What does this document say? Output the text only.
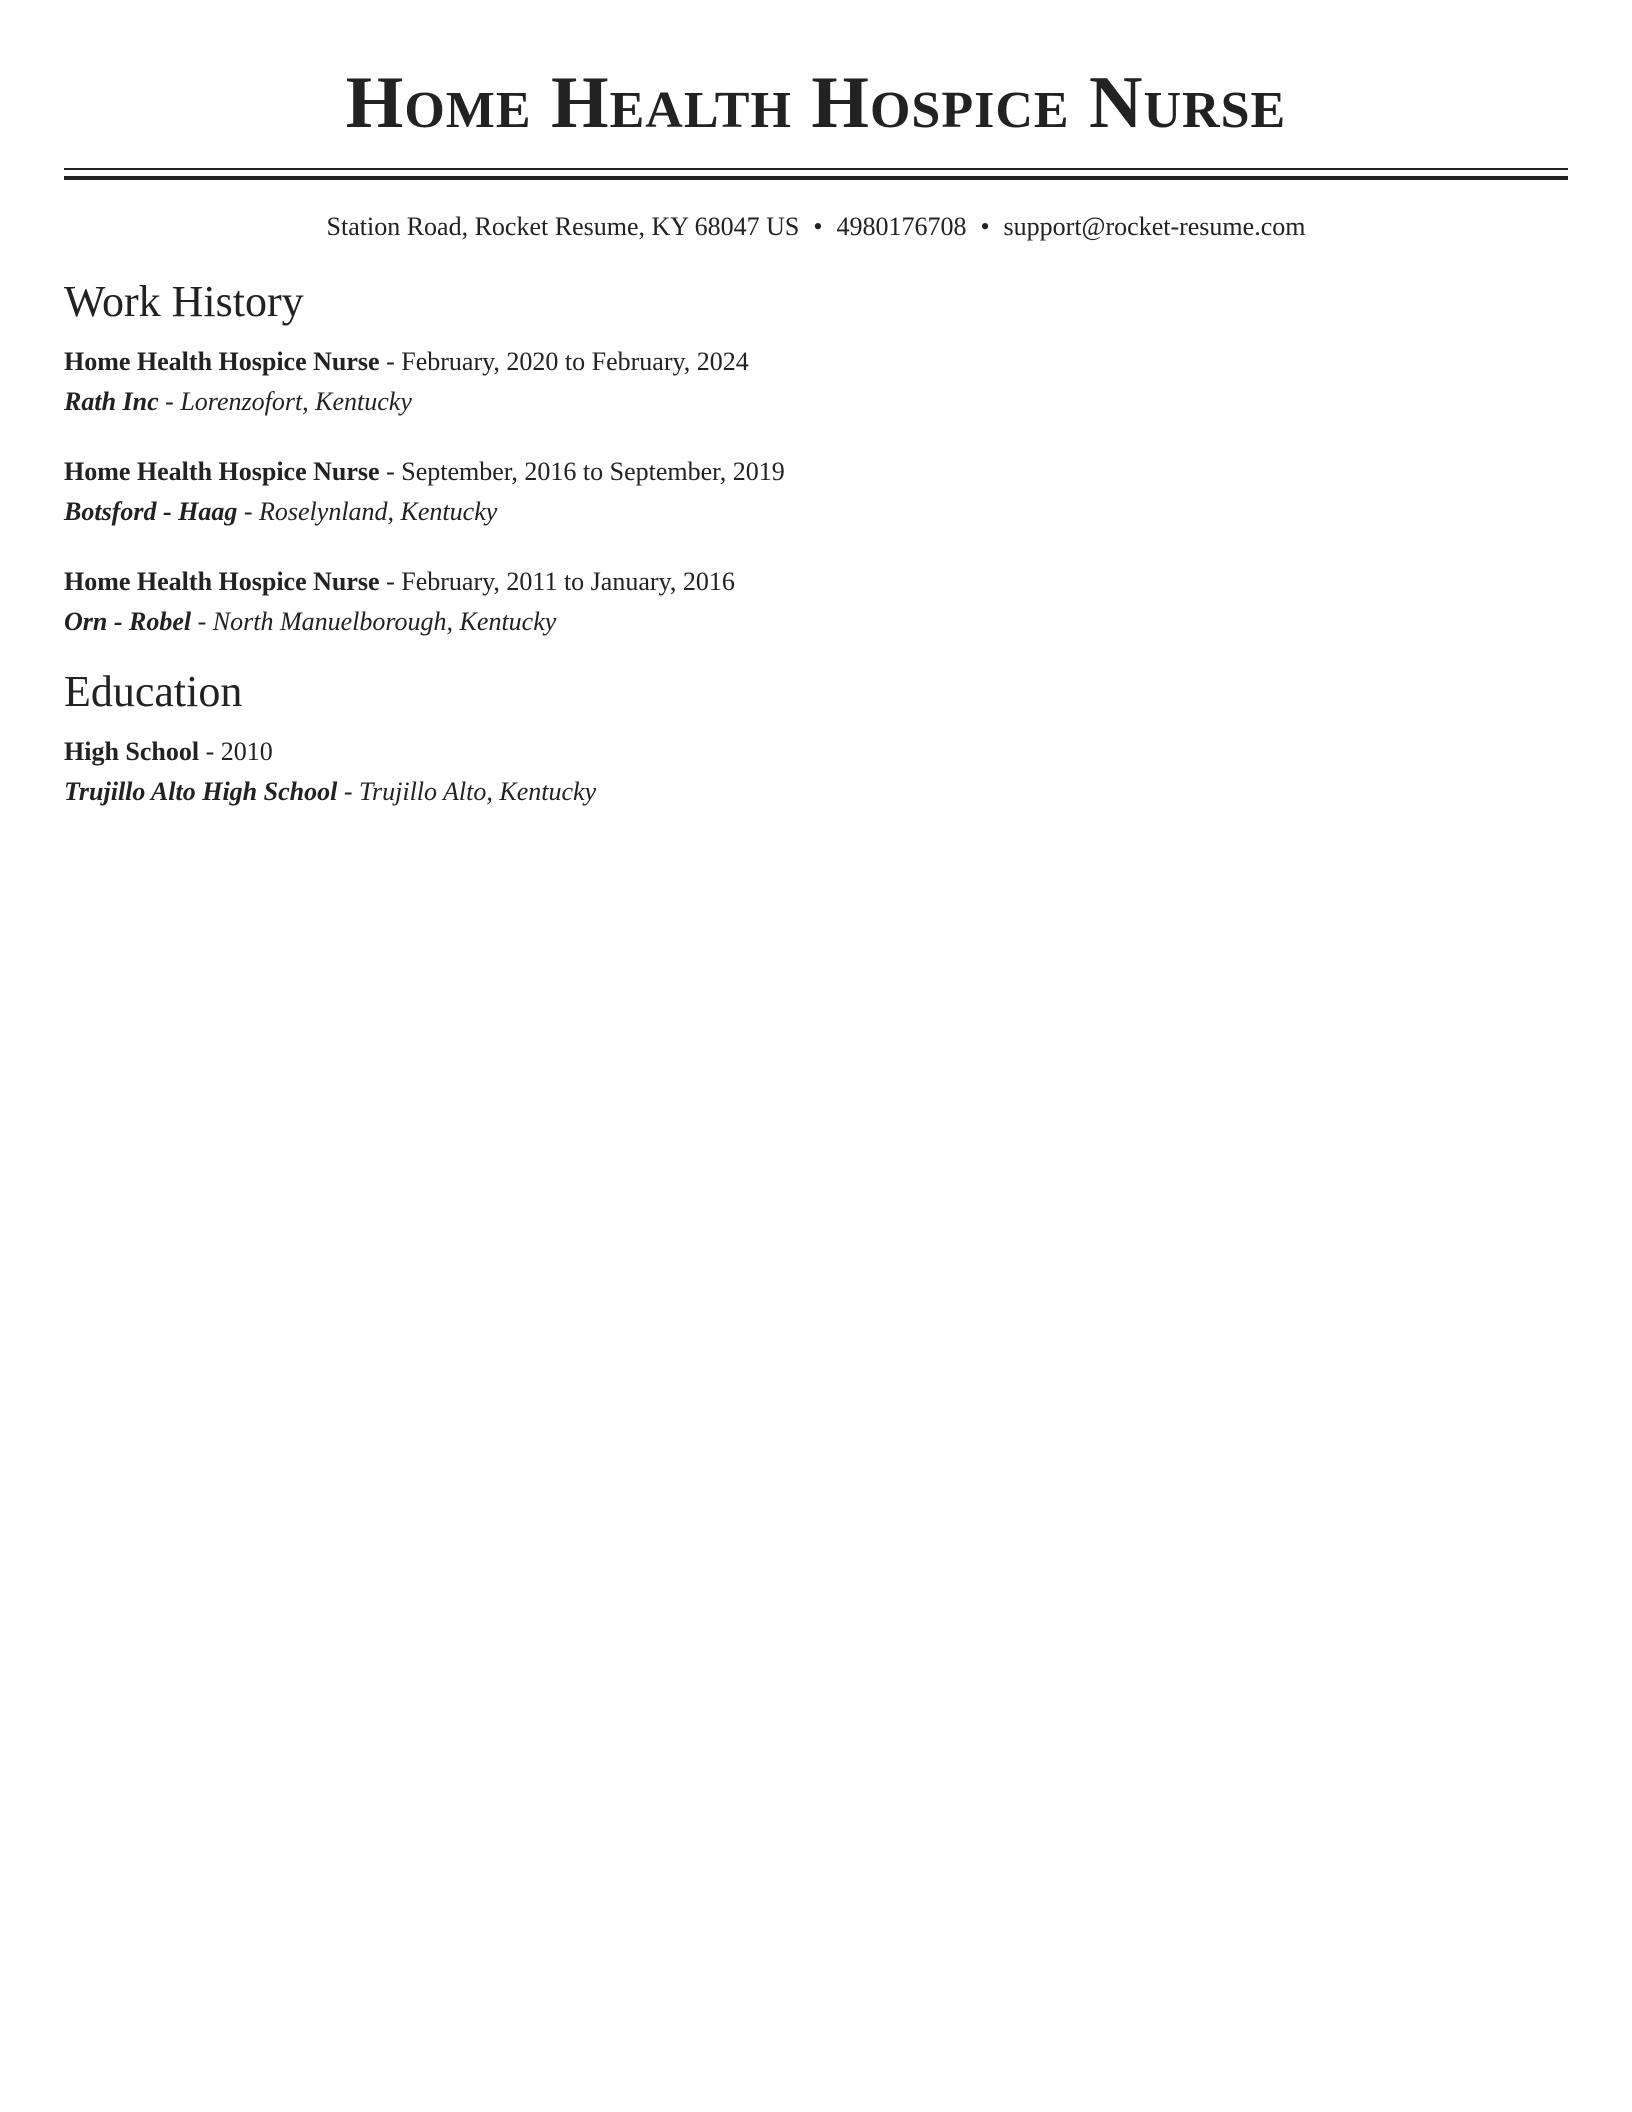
Home Health Hospice Nurse
Station Road, Rocket Resume, KY 68047 US • 4980176708 • support@rocket-resume.com
Work History
Home Health Hospice Nurse - February, 2020 to February, 2024
Rath Inc - Lorenzofort, Kentucky
Home Health Hospice Nurse - September, 2016 to September, 2019
Botsford - Haag - Roselynland, Kentucky
Home Health Hospice Nurse - February, 2011 to January, 2016
Orn - Robel - North Manuelborough, Kentucky
Education
High School - 2010
Trujillo Alto High School - Trujillo Alto, Kentucky
